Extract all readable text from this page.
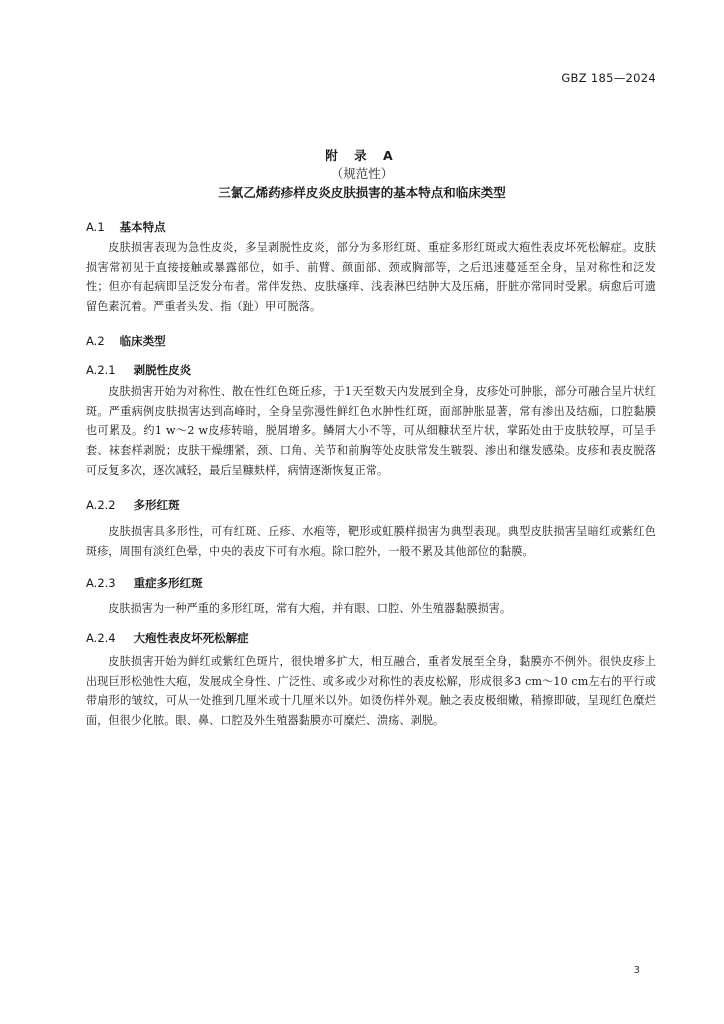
GBZ 185—2024
附 录 A
（规范性）
三氯乙烯药疹样皮炎皮肤损害的基本特点和临床类型
A.1 基本特点

皮肤损害表现为急性皮炎，多呈剥脱性皮炎，部分为多形红斑、重症多形红斑或大疱性表皮坏死松解症。皮肤损害常初见于直接接触或暴露部位，如手、前臂、颜面部、颈或胸部等，之后迅速蔓延至全身，呈对称性和泛发性；但亦有起病即呈泛发分布者。常伴发热、皮肤瘙痒、浅表淋巴结肿大及压痛，肝脏亦常同时受累。病愈后可遗留色素沉着。严重者头发、指（趾）甲可脱落。

A.2 临床类型
A.2.1 剥脱性皮炎

皮肤损害开始为对称性、散在性红色斑丘疹，于1天至数天内发展到全身，皮疹处可肿胀，部分可融合呈片状红斑。严重病例皮肤损害达到高峰时，全身呈弥漫性鲜红色水肿性红斑，面部肿胀显著，常有渗出及结痂，口腔黏膜也可累及。约1 w～2 w皮疹转暗，脱屑增多。鳞屑大小不等，可从细糠状至片状，掌跖处由于皮肤较厚，可呈手套、袜套样剥脱；皮肤干燥绷紧，颈、口角、关节和前胸等处皮肤常发生皲裂、渗出和继发感染。皮疹和表皮脱落可反复多次，逐次减轻，最后呈糠麸样，病情逐渐恢复正常。

A.2.2 多形红斑

皮肤损害具多形性，可有红斑、丘疹、水疱等，靶形或虹膜样损害为典型表现。典型皮肤损害呈暗红或紫红色斑疹，周围有淡红色晕，中央的表皮下可有水疱。除口腔外，一般不累及其他部位的黏膜。

A.2.3 重症多形红斑

皮肤损害为一种严重的多形红斑，常有大疱，并有眼、口腔、外生殖器黏膜损害。

A.2.4 大疱性表皮坏死松解症

皮肤损害开始为鲜红或紫红色斑片，很快增多扩大，相互融合，重者发展至全身，黏膜亦不例外。很快皮疹上出现巨形松弛性大疱，发展成全身性、广泛性、或多或少对称性的表皮松解，形成很多3 cm～10 cm左右的平行或带扇形的皱纹，可从一处推到几厘米或十几厘米以外。如烫伤样外观。触之表皮极细嫩，稍擦即破，呈现红色糜烂面，但很少化脓。眼、鼻、口腔及外生殖器黏膜亦可糜烂、溃疡、剥脱。

3
